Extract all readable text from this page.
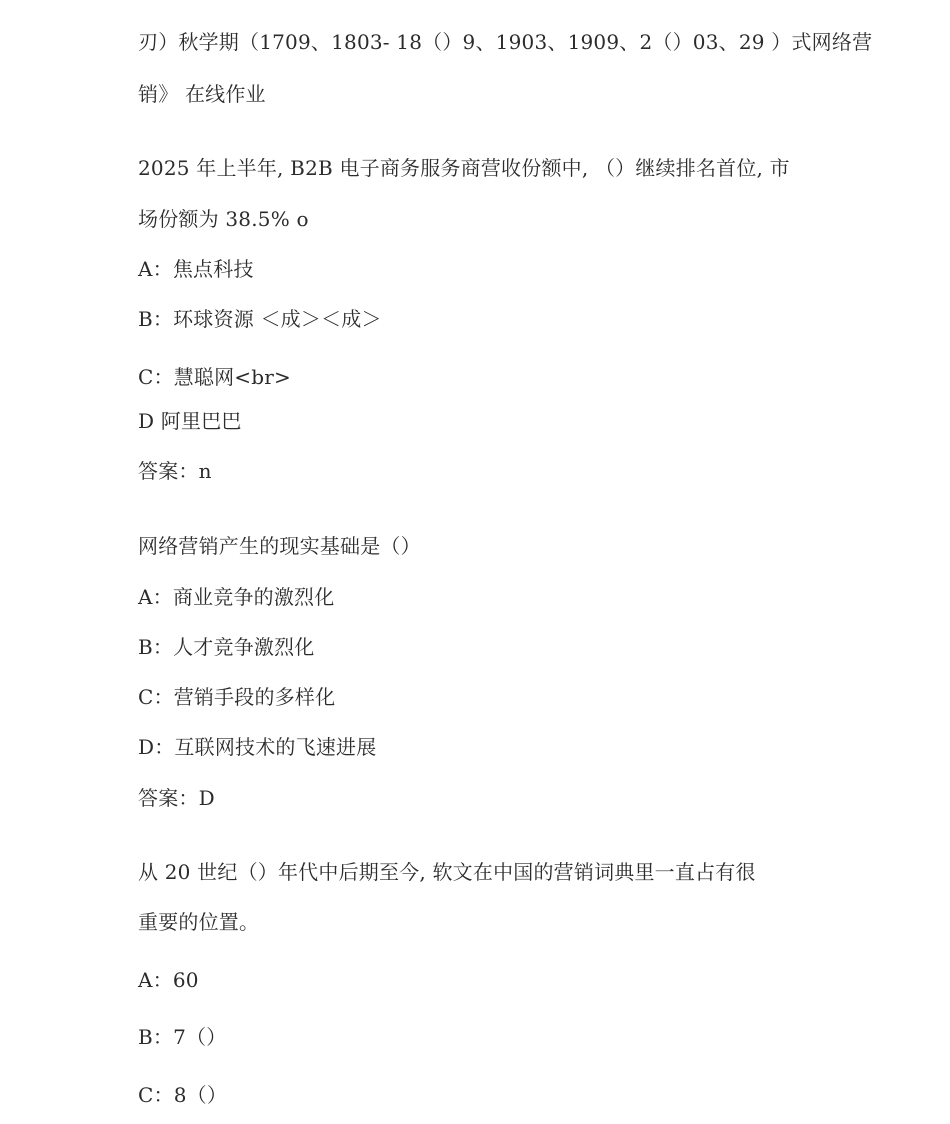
刃）秋学期（1709、1803- 18（）9、1903、1909、2（）03、29 ）式网络营
销》 在线作业
2025 年上半年, B2B 电子商务服务商营收份额中, （）继续排名首位, 市
场份额为 38.5% o
A：焦点科技
B：环球资源 ＜成＞＜成＞
C：慧聪网<br>
D 阿里巴巴
答案：n
网络营销产生的现实基础是（）
A：商业竞争的激烈化
B：人才竞争激烈化
C：营销手段的多样化
D：互联网技术的飞速进展
答案：D
从 20 世纪（）年代中后期至今, 软文在中国的营销词典里一直占有很
重要的位置。
A：60
B：7（）
C：8（）
